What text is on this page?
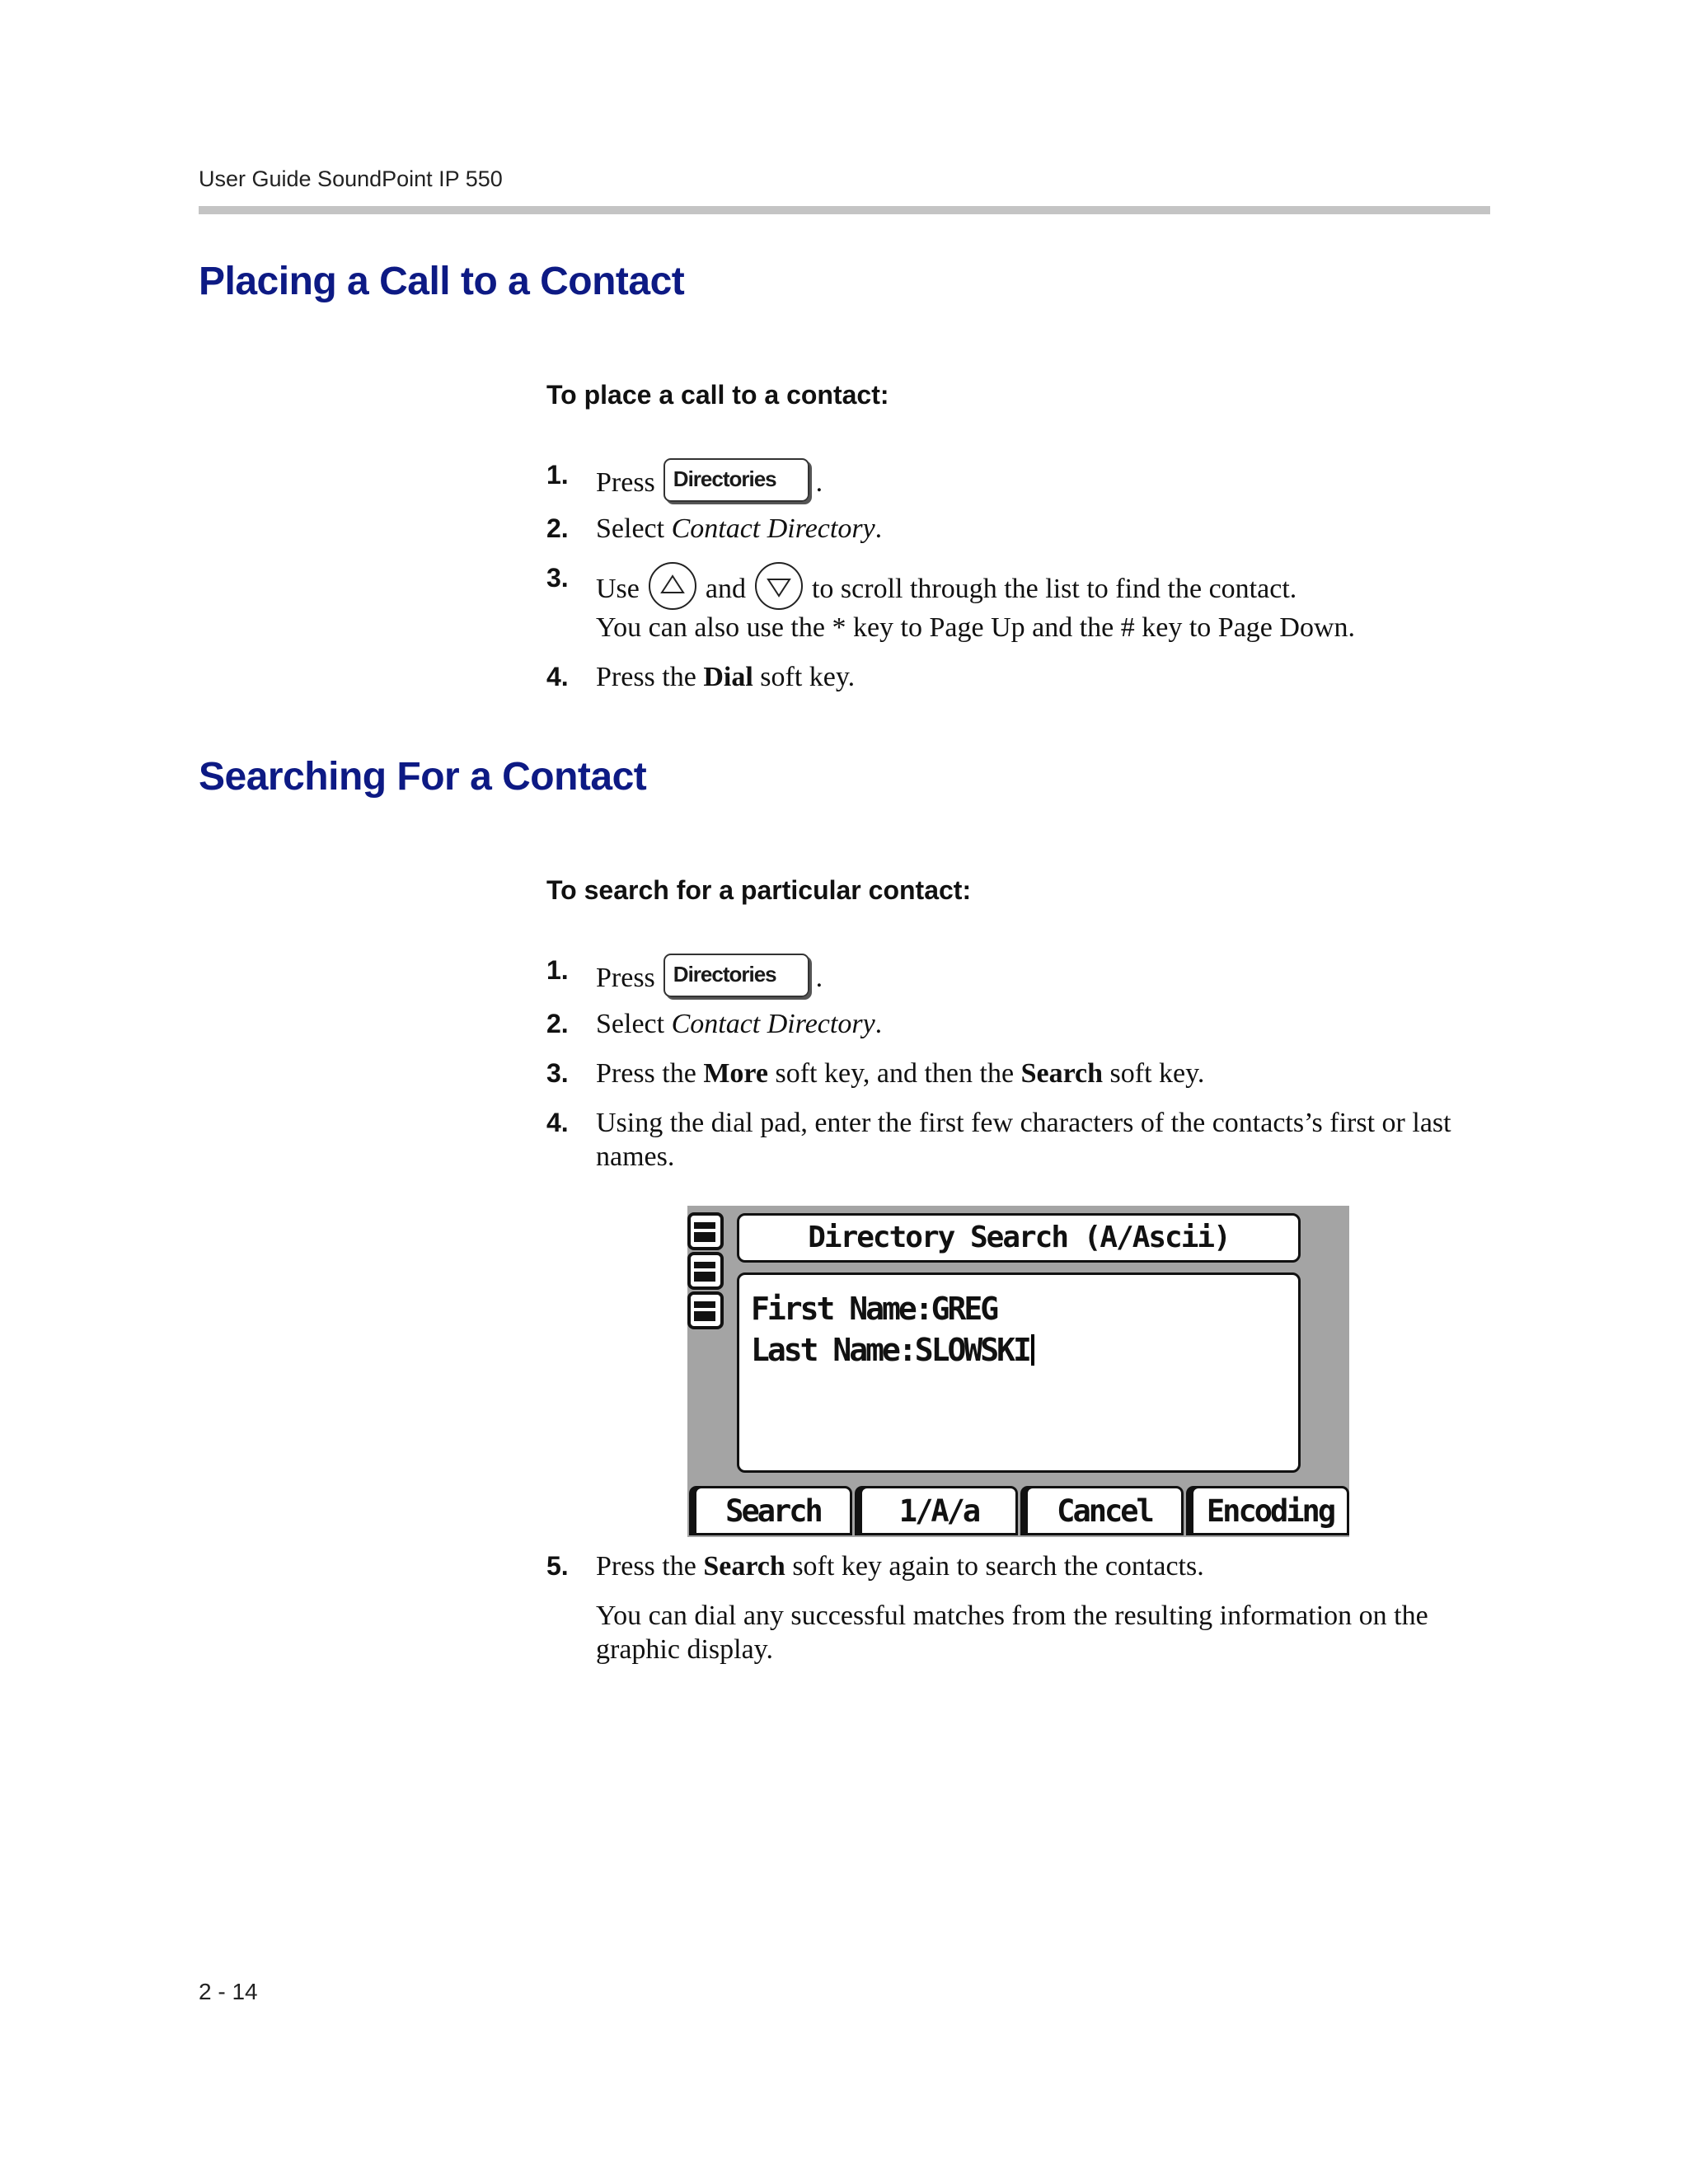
User Guide SoundPoint IP 550
Placing a Call to a Contact
To place a call to a contact:
1. Press Directories .
2. Select Contact Directory.
3. Use and to scroll through the list to find the contact.
You can also use the * key to Page Up and the # key to Page Down.
4. Press the Dial soft key.
Searching For a Contact
To search for a particular contact:
1. Press Directories .
2. Select Contact Directory.
3. Press the More soft key, and then the Search soft key.
4. Using the dial pad, enter the first few characters of the contacts’s first or last names.
Directory Search (A/Ascii)
First Name:GREG
Last Name:SLOWSKI
Search	1/A/a	Cancel	Encoding
5. Press the Search soft key again to search the contacts.
You can dial any successful matches from the resulting information on the graphic display.
2 - 14
